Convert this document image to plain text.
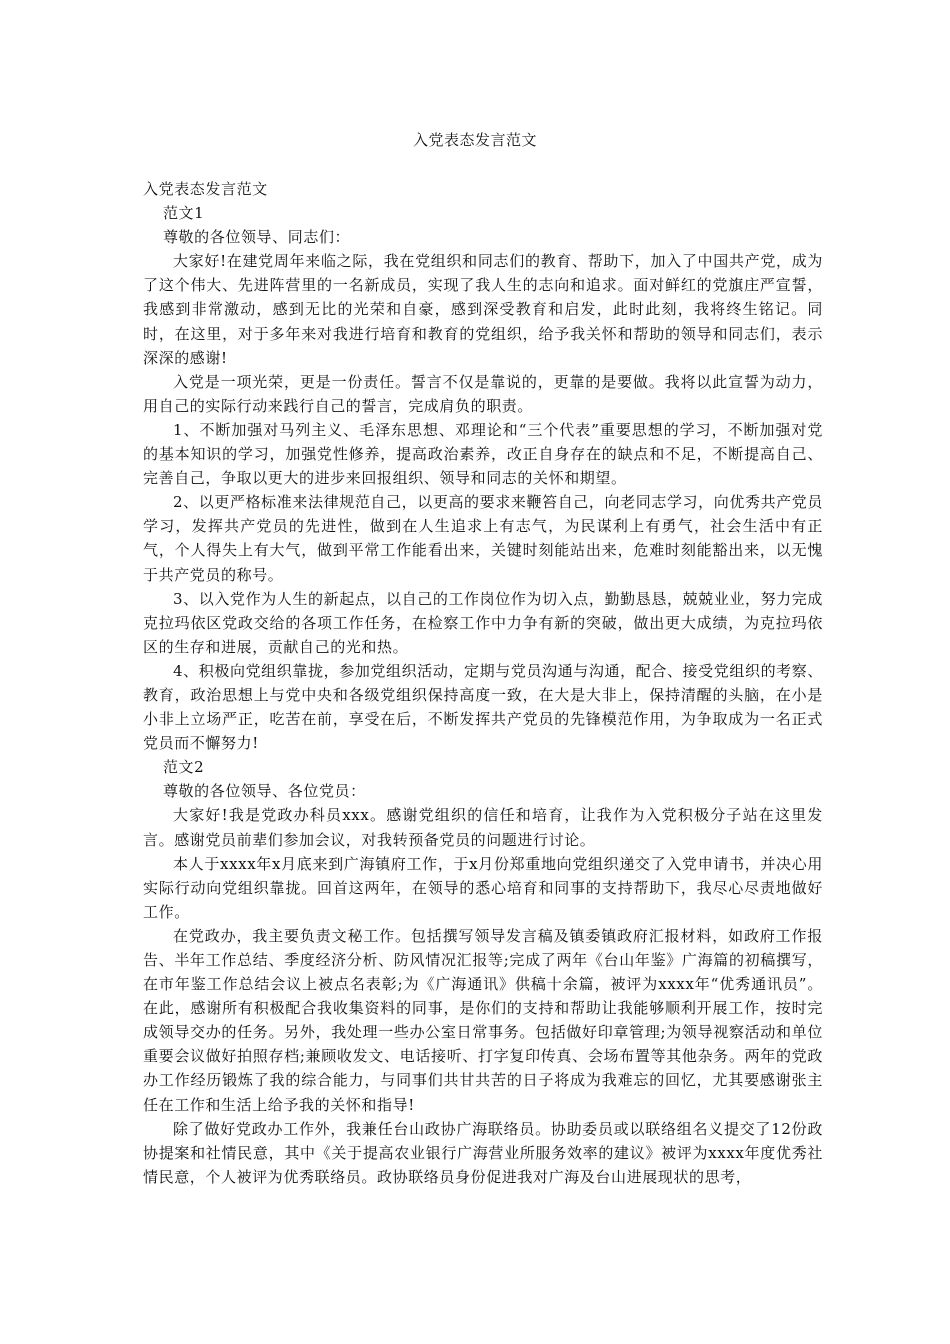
入党表态发言范文

入党表态发言范文

范文1

尊敬的各位领导、同志们：

大家好!在建党周年来临之际，我在党组织和同志们的教育、帮助下，加入了中国共产党，成为了这个伟大、先进阵营里的一名新成员，实现了我人生的志向和追求。面对鲜红的党旗庄严宣誓，我感到非常激动，感到无比的光荣和自豪，感到深受教育和启发，此时此刻，我将终生铭记。同时，在这里，对于多年来对我进行培育和教育的党组织，给予我关怀和帮助的领导和同志们，表示深深的感谢!

入党是一项光荣，更是一份责任。誓言不仅是靠说的，更靠的是要做。我将以此宣誓为动力，用自己的实际行动来践行自己的誓言，完成肩负的职责。

1、不断加强对马列主义、毛泽东思想、邓理论和“三个代表”重要思想的学习，不断加强对党的基本知识的学习，加强党性修养，提高政治素养，改正自身存在的缺点和不足，不断提高自己、完善自己，争取以更大的进步来回报组织、领导和同志的关怀和期望。

2、以更严格标准来法律规范自己，以更高的要求来鞭笞自己，向老同志学习，向优秀共产党员学习，发挥共产党员的先进性，做到在人生追求上有志气，为民谋利上有勇气，社会生活中有正气，个人得失上有大气，做到平常工作能看出来，关键时刻能站出来，危难时刻能豁出来，以无愧于共产党员的称号。

3、以入党作为人生的新起点，以自己的工作岗位作为切入点，勤勤恳恳，兢兢业业，努力完成克拉玛依区党政交给的各项工作任务，在检察工作中力争有新的突破，做出更大成绩，为克拉玛依区的生存和进展，贡献自己的光和热。

4、积极向党组织靠拢，参加党组织活动，定期与党员沟通与沟通，配合、接受党组织的考察、教育，政治思想上与党中央和各级党组织保持高度一致，在大是大非上，保持清醒的头脑，在小是小非上立场严正，吃苦在前，享受在后，不断发挥共产党员的先锋模范作用，为争取成为一名正式党员而不懈努力!

范文2

尊敬的各位领导、各位党员：

大家好!我是党政办科员xxx。感谢党组织的信任和培育，让我作为入党积极分子站在这里发言。感谢党员前辈们参加会议，对我转预备党员的问题进行讨论。

本人于xxxx年x月底来到广海镇府工作，于x月份郑重地向党组织递交了入党申请书，并决心用实际行动向党组织靠拢。回首这两年，在领导的悉心培育和同事的支持帮助下，我尽心尽责地做好工作。

在党政办，我主要负责文秘工作。包括撰写领导发言稿及镇委镇政府汇报材料，如政府工作报告、半年工作总结、季度经济分析、防风情况汇报等;完成了两年《台山年鉴》广海篇的初稿撰写，在市年鉴工作总结会议上被点名表彰;为《广海通讯》供稿十余篇，被评为xxxx年“优秀通讯员”。在此，感谢所有积极配合我收集资料的同事，是你们的支持和帮助让我能够顺利开展工作，按时完成领导交办的任务。另外，我处理一些办公室日常事务。包括做好印章管理;为领导视察活动和单位重要会议做好拍照存档;兼顾收发文、电话接听、打字复印传真、会场布置等其他杂务。两年的党政办工作经历锻炼了我的综合能力，与同事们共甘共苦的日子将成为我难忘的回忆，尤其要感谢张主任在工作和生活上给予我的关怀和指导!

除了做好党政办工作外，我兼任台山政协广海联络员。协助委员或以联络组名义提交了12份政协提案和社情民意，其中《关于提高农业银行广海营业所服务效率的建议》被评为xxxx年度优秀社情民意，个人被评为优秀联络员。政协联络员身份促进我对广海及台山进展现状的思考，
